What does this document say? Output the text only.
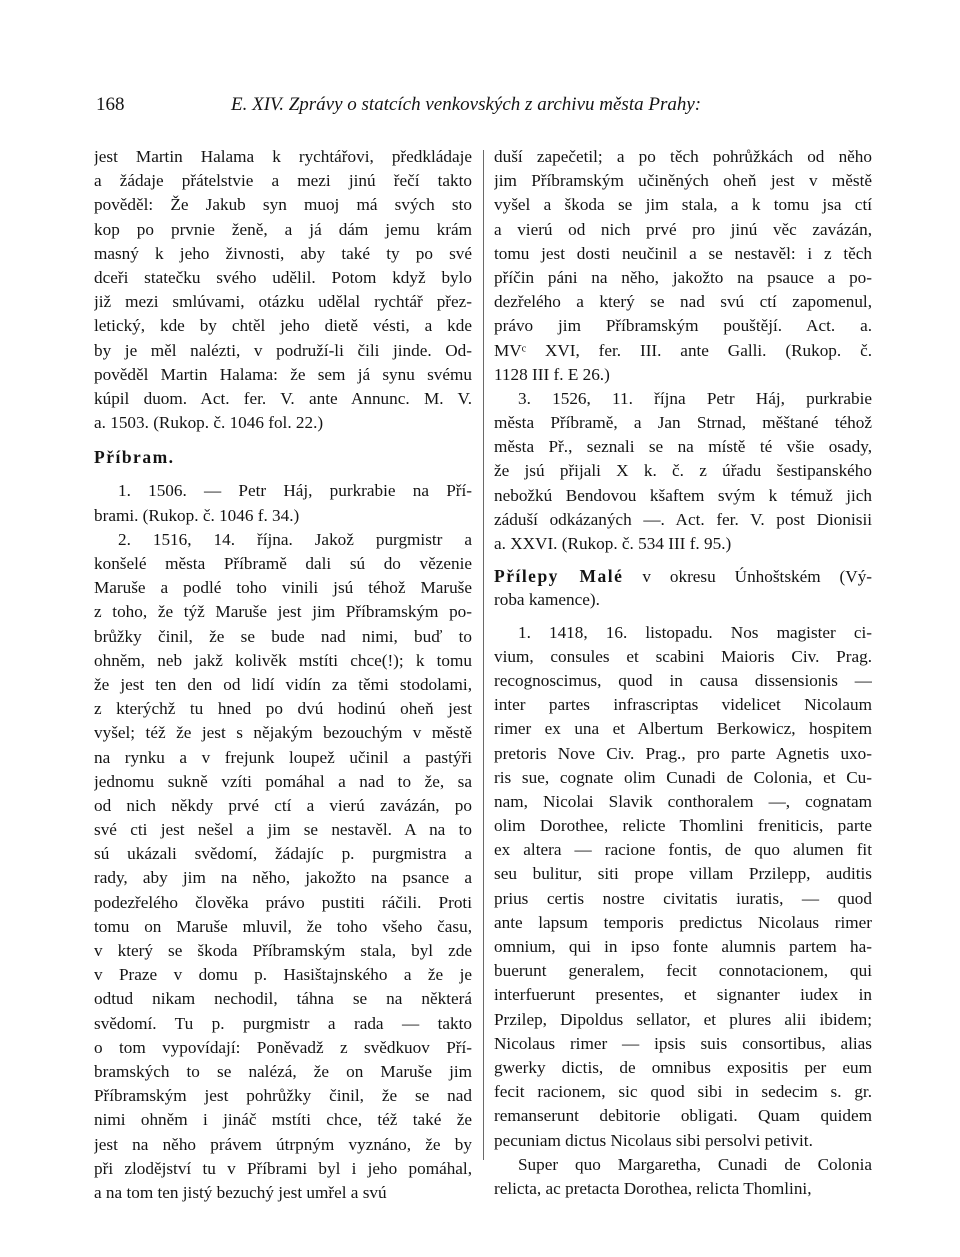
168	E. XIV. Zprávy o statcích venkovských z archivu města Prahy:
jest Martin Halama k rychtářovi, předkládaje
a žádaje přátelstvie a mezi jinú řečí takto
pověděl: Že Jakub syn muoj má svých sto
kop po prvnie ženě, a já dám jemu krám
masný k jeho živnosti, aby také ty po své
dceři statečku svého udělil. Potom když bylo
již mezi smlúvami, otázku udělal rychtář přez-
letický, kde by chtěl jeho dietě vésti, a kde
by je měl nalézti, v podruží-li čili jinde. Od-
pověděl Martin Halama: že sem já synu svému
kúpil duom. Act. fer. V. ante Annunc. M. V.
a. 1503. (Rukop. č. 1046 fol. 22.)
Příbram.
1. 1506. — Petr Háj, purkrabie na Pří-
brami. (Rukop. č. 1046 f. 34.)
2. 1516, 14. října. Jakož purgmistr a
konšelé města Příbramě dali sú do vězenie
Maruše a podlé toho vinili jsú téhož Maruše
z toho, že týž Maruše jest jim Příbramským po-
brůžky činil, že se bude nad nimi, buď to
ohněm, neb jakž kolivěk mstíti chce(!); k tomu
že jest ten den od lidí vidín za těmi stodolami,
z kterýchž tu hned po dvú hodinú oheň jest
vyšel; též že jest s nějakým bezouchým v městě
na rynku a v frejunk loupež učinil a pastýři
jednomu sukně vzíti pomáhal a nad to že, sa
od nich někdy prvé ctí a vierú zavázán, po
své cti jest nešel a jim se nestavěl. A na to
sú ukázali svědomí, žádajíc p. purgmistra a
rady, aby jim na něho, jakožto na psance a
podezřelého člověka právo pustiti ráčili. Proti
tomu on Maruše mluvil, že toho všeho času,
v který se škoda Příbramským stala, byl zde
v Praze v domu p. Hasištajnského a že je
odtud nikam nechodil, táhna se na některá
svědomí. Tu p. purgmistr a rada — takto
o tom vypovídají: Poněvadž z svědkuov Pří-
bramských to se nalézá, že on Maruše jim
Příbramským jest pohrůžky činil, že se nad
nimi ohněm i jináč mstíti chce, též také že
jest na něho právem útrpným vyznáno, že by
při zlodějství tu v Příbrami byl i jeho pomáhal,
a na tom ten jistý bezuchý jest umřel a svú
duší zapečetil; a po těch pohrůžkách od něho
jim Příbramským učiněných oheň jest v městě
vyšel a škoda se jim stala, a k tomu jsa ctí
a vierú od nich prvé pro jinú věc zavázán,
tomu jest dosti neučinil a se nestavěl: i z těch
příčin páni na něho, jakožto na psauce a po-
dezřelého a který se nad svú ctí zapomenul,
právo jim Příbramským pouštějí. Act. a.
MVᶜ XVI, fer. III. ante Galli. (Rukop. č.
1128 III f. E 26.)
3. 1526, 11. října Petr Háj, purkrabie
města Příbramě, a Jan Strnad, měštané téhož
města Př., seznali se na místě té všie osady,
že jsú přijali X k. č. z úřadu šestipanského
nebožkú Bendovou kšaftem svým k témuž jich
záduší odkázaných —. Act. fer. V. post Dionisii
a. XXVI. (Rukop. č. 534 III f. 95.)
Přílepy Malé v okresu Únhoštském (Vý-
roba kamence).
1. 1418, 16. listopadu. Nos magister ci-
vium, consules et scabini Maioris Civ. Prag.
recognoscimus, quod in causa dissensionis —
inter partes infrascriptas videlicet Nicolaum
rimer ex una et Albertum Berkowicz, hospitem
pretoris Nove Civ. Prag., pro parte Agnetis uxo-
ris sue, cognate olim Cunadi de Colonia, et Cu-
nam, Nicolai Slavik conthoralem —, cognatam
olim Dorothee, relicte Thomlini freniticis, parte
ex altera — racione fontis, de quo alumen fit
seu bulitur, siti prope villam Przilepp, auditis
prius certis nostre civitatis iuratis, — quod
ante lapsum temporis predictus Nicolaus rimer
omnium, qui in ipso fonte alumnis partem ha-
buerunt generalem, fecit connotacionem, qui
interfuerunt presentes, et signanter iudex in
Przilep, Dipoldus sellator, et plures alii ibidem;
Nicolaus rimer — ipsis suis consortibus, alias
gwerky dictis, de omnibus expositis per eum
fecit racionem, sic quod sibi in sedecim s. gr.
remanserunt debitorie obligati. Quam quidem
pecuniam dictus Nicolaus sibi persolvi petivit.
Super quo Margaretha, Cunadi de Colonia
relicta, ac pretacta Dorothea, relicta Thomlini,
